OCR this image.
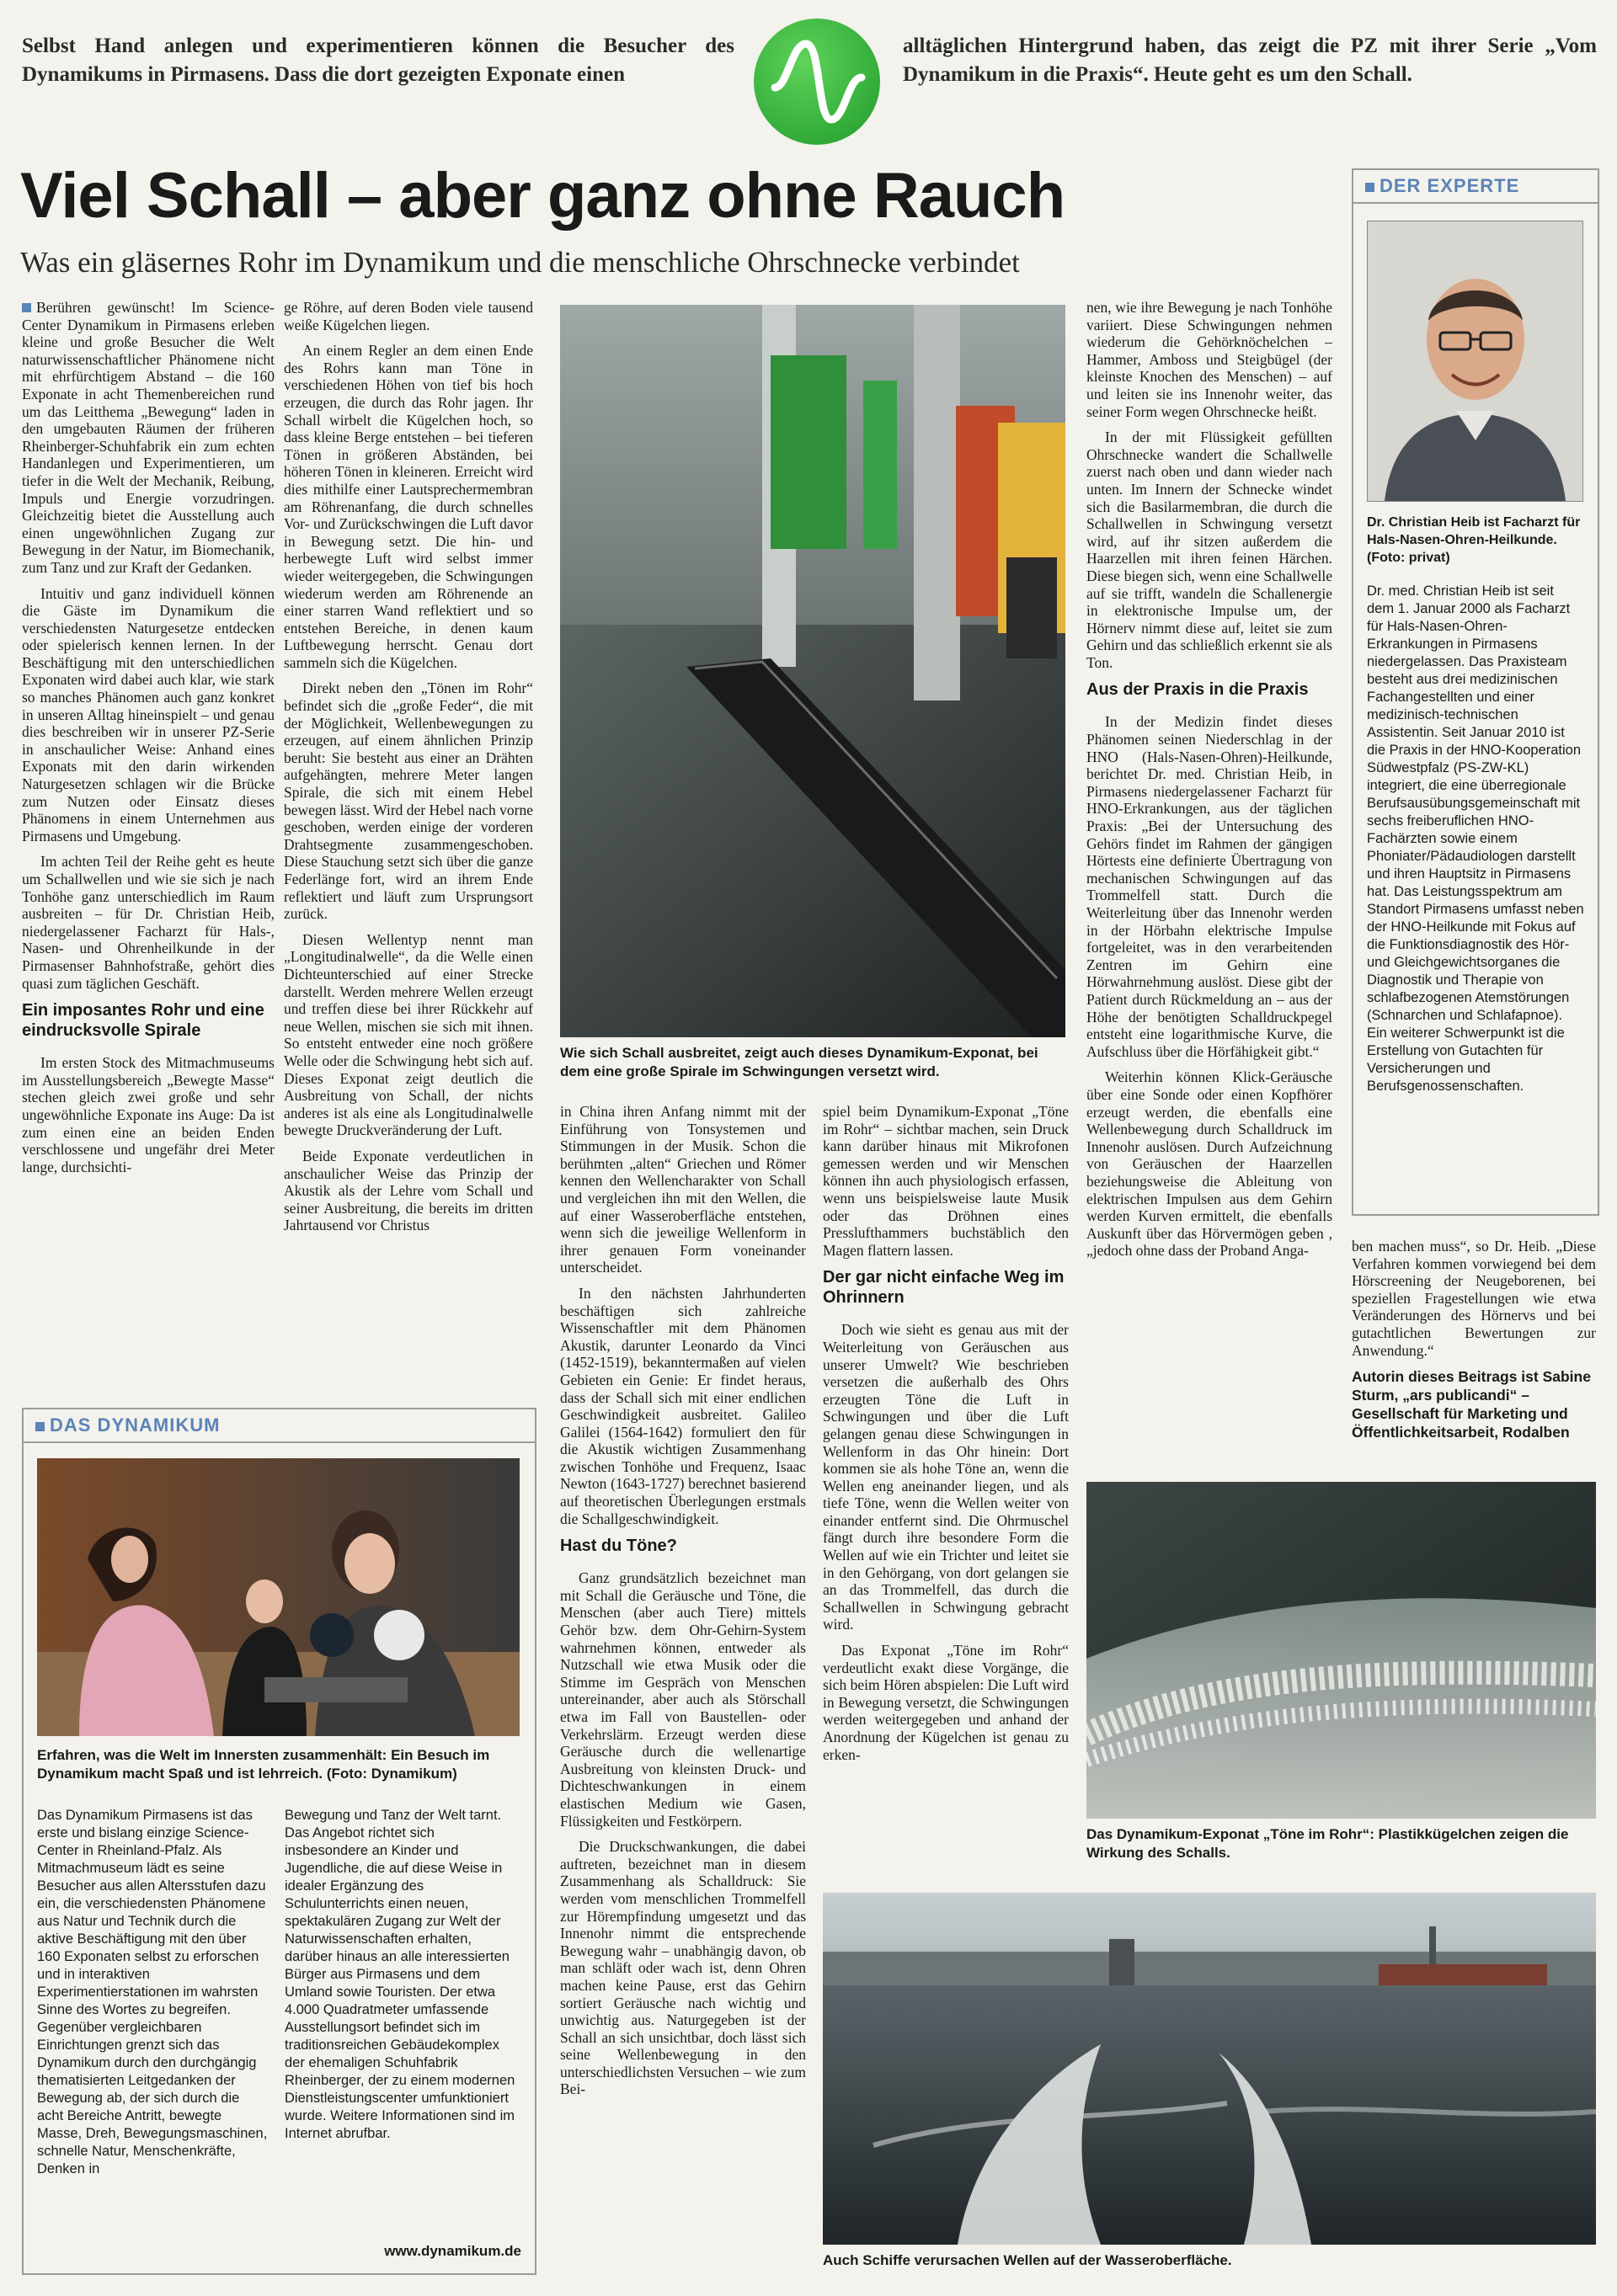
Selbst Hand anlegen und experimentieren können die Besucher des Dynamikums in Pirmasens. Dass die dort gezeigten Exponate einen
alltäglichen Hintergrund haben, das zeigt die PZ mit ihrer Serie „Vom Dynamikum in die Praxis“. Heute geht es um den Schall.
Viel Schall – aber ganz ohne Rauch
Was ein gläsernes Rohr im Dynamikum und die menschliche Ohrschnecke verbindet

Berühren gewünscht! Im Science-Center Dynamikum in Pirmasens erleben kleine und große Besucher die Welt naturwissenschaftlicher Phänomene nicht mit ehrfürchtigem Abstand – die 160 Exponate in acht Themenbereichen rund um das Leitthema „Bewegung“ laden in den umgebauten Räumen der früheren Rheinberger-Schuhfabrik ein zum echten Handanlegen und Experimentieren, um tiefer in die Welt der Mechanik, Reibung, Impuls und Energie vorzudringen. Gleichzeitig bietet die Ausstellung auch einen ungewöhnlichen Zugang zur Bewegung in der Natur, im Biomechanik, zum Tanz und zur Kraft der Gedanken.

Intuitiv und ganz individuell können die Gäste im Dynamikum die verschiedensten Naturgesetze entdecken oder spielerisch kennen lernen. In der Beschäftigung mit den unterschiedlichen Exponaten wird dabei auch klar, wie stark so manches Phänomen auch ganz konkret in unseren Alltag hineinspielt – und genau dies beschreiben wir in unserer PZ-Serie in anschaulicher Weise: Anhand eines Exponats mit den darin wirkenden Naturgesetzen schlagen wir die Brücke zum Nutzen oder Einsatz dieses Phänomens in einem Unternehmen aus Pirmasens und Umgebung.

Im achten Teil der Reihe geht es heute um Schallwellen und wie sie sich je nach Tonhöhe ganz unterschiedlich im Raum ausbreiten – für Dr. Christian Heib, niedergelassener Facharzt für Hals-, Nasen- und Ohrenheilkunde in der Pirmasenser Bahnhofstraße, gehört dies quasi zum täglichen Geschäft.

Ein imposantes Rohr und eine eindrucksvolle Spirale

Im ersten Stock des Mitmachmuseums im Ausstellungsbereich „Bewegte Masse“ stechen gleich zwei große und sehr ungewöhnliche Exponate ins Auge: Da ist zum einen eine an beiden Enden verschlossene und ungefähr drei Meter lange, durchsichti-

ge Röhre, auf deren Boden viele tausend weiße Kügelchen liegen.

An einem Regler an dem einen Ende des Rohrs kann man Töne in verschiedenen Höhen von tief bis hoch erzeugen, die durch das Rohr jagen. Ihr Schall wirbelt die Kügelchen hoch, so dass kleine Berge entstehen – bei tieferen Tönen in größeren Abständen, bei höheren Tönen in kleineren. Erreicht wird dies mithilfe einer Lautsprechermembran am Röhrenanfang, die durch schnelles Vor- und Zurückschwingen die Luft davor in Bewegung setzt. Die hin- und herbewegte Luft wird selbst immer wieder weitergegeben, die Schwingungen wiederum werden am Röhrenende an einer starren Wand reflektiert und so entstehen Bereiche, in denen kaum Luftbewegung herrscht. Genau dort sammeln sich die Kügelchen.

Direkt neben den „Tönen im Rohr“ befindet sich die „große Feder“, die mit der Möglichkeit, Wellenbewegungen zu erzeugen, auf einem ähnlichen Prinzip beruht: Sie besteht aus einer an Drähten aufgehängten, mehrere Meter langen Spirale, die sich mit einem Hebel bewegen lässt. Wird der Hebel nach vorne geschoben, werden einige der vorderen Drahtsegmente zusammengeschoben. Diese Stauchung setzt sich über die ganze Federlänge fort, wird an ihrem Ende reflektiert und läuft zum Ursprungsort zurück.

Diesen Wellentyp nennt man „Longitudinalwelle“, da die Welle einen Dichteunterschied auf einer Strecke darstellt. Werden mehrere Wellen erzeugt und treffen diese bei ihrer Rückkehr auf neue Wellen, mischen sie sich mit ihnen. So entsteht entweder eine noch größere Welle oder die Schwingung hebt sich auf. Dieses Exponat zeigt deutlich die Ausbreitung von Schall, der nichts anderes ist als eine als Longitudinalwelle bewegte Druckveränderung der Luft.

Beide Exponate verdeutlichen in anschaulicher Weise das Prinzip der Akustik als der Lehre vom Schall und seiner Ausbreitung, die bereits im dritten Jahrtausend vor Christus

Wie sich Schall ausbreitet, zeigt auch dieses Dynamikum-Exponat, bei dem eine große Spirale im Schwingungen versetzt wird.

in China ihren Anfang nimmt mit der Einführung von Tonsystemen und Stimmungen in der Musik. Schon die berühmten „alten“ Griechen und Römer kennen den Wellencharakter von Schall und vergleichen ihn mit den Wellen, die auf einer Wasseroberfläche entstehen, wenn sich die jeweilige Wellenform in ihrer genauen Form voneinander unterscheidet.

In den nächsten Jahrhunderten beschäftigen sich zahlreiche Wissenschaftler mit dem Phänomen Akustik, darunter Leonardo da Vinci (1452-1519), bekanntermaßen auf vielen Gebieten ein Genie: Er findet heraus, dass der Schall sich mit einer endlichen Geschwindigkeit ausbreitet. Galileo Galilei (1564-1642) formuliert den für die Akustik wichtigen Zusammenhang zwischen Tonhöhe und Frequenz, Isaac Newton (1643-1727) berechnet basierend auf theoretischen Überlegungen erstmals die Schallgeschwindigkeit.

Hast du Töne?

Ganz grundsätzlich bezeichnet man mit Schall die Geräusche und Töne, die Menschen (aber auch Tiere) mittels Gehör bzw. dem Ohr-Gehirn-System wahrnehmen können, entweder als Nutzschall wie etwa Musik oder die Stimme im Gespräch von Menschen untereinander, aber auch als Störschall etwa im Fall von Baustellen- oder Verkehrslärm. Erzeugt werden diese Geräusche durch die wellenartige Ausbreitung von kleinsten Druck- und Dichteschwankungen in einem elastischen Medium wie Gasen, Flüssigkeiten und Festkörpern.

Die Druckschwankungen, die dabei auftreten, bezeichnet man in diesem Zusammenhang als Schalldruck: Sie werden vom menschlichen Trommelfell zur Hörempfindung umgesetzt und das Innenohr nimmt die entsprechende Bewegung wahr – unabhängig davon, ob man schläft oder wach ist, denn Ohren machen keine Pause, erst das Gehirn sortiert Geräusche nach wichtig und unwichtig aus. Naturgegeben ist der Schall an sich unsichtbar, doch lässt sich seine Wellenbewegung in den unterschiedlichsten Versuchen – wie zum Bei-

spiel beim Dynamikum-Exponat „Töne im Rohr“ – sichtbar machen, sein Druck kann darüber hinaus mit Mikrofonen gemessen werden und wir Menschen können ihn auch physiologisch erfassen, wenn uns beispielsweise laute Musik oder das Dröhnen eines Presslufthammers buchstäblich den Magen flattern lassen.

Der gar nicht einfache Weg im Ohrinnern

Doch wie sieht es genau aus mit der Weiterleitung von Geräuschen aus unserer Umwelt? Wie beschrieben versetzen die außerhalb des Ohrs erzeugten Töne die Luft in Schwingungen und über die Luft gelangen genau diese Schwingungen in Wellenform in das Ohr hinein: Dort kommen sie als hohe Töne an, wenn die Wellen eng aneinander liegen, und als tiefe Töne, wenn die Wellen weiter von einander entfernt sind. Die Ohrmuschel fängt durch ihre besondere Form die Wellen auf wie ein Trichter und leitet sie in den Gehörgang, von dort gelangen sie an das Trommelfell, das durch die Schallwellen in Schwingung gebracht wird.

Das Exponat „Töne im Rohr“ verdeutlicht exakt diese Vorgänge, die sich beim Hören abspielen: Die Luft wird in Bewegung versetzt, die Schwingungen werden weitergegeben und anhand der Anordnung der Kügelchen ist genau zu erken-

nen, wie ihre Bewegung je nach Tonhöhe variiert. Diese Schwingungen nehmen wiederum die Gehörknöchelchen – Hammer, Amboss und Steigbügel (der kleinste Knochen des Menschen) – auf und leiten sie ins Innenohr weiter, das seiner Form wegen Ohrschnecke heißt.

In der mit Flüssigkeit gefüllten Ohrschnecke wandert die Schallwelle zuerst nach oben und dann wieder nach unten. Im Innern der Schnecke windet sich die Basilarmembran, die durch die Schallwellen in Schwingung versetzt wird, auf ihr sitzen außerdem die Haarzellen mit ihren feinen Härchen. Diese biegen sich, wenn eine Schallwelle auf sie trifft, wandeln die Schallenergie in elektronische Impulse um, der Hörnerv nimmt diese auf, leitet sie zum Gehirn und das schließlich erkennt sie als Ton.

Aus der Praxis in die Praxis

In der Medizin findet dieses Phänomen seinen Niederschlag in der HNO (Hals-Nasen-Ohren)-Heilkunde, berichtet Dr. med. Christian Heib, in Pirmasens niedergelassener Facharzt für HNO-Erkrankungen, aus der täglichen Praxis: „Bei der Untersuchung des Gehörs findet im Rahmen der gängigen Hörtests eine definierte Übertragung von mechanischen Schwingungen auf das Trommelfell statt. Durch die Weiterleitung über das Innenohr werden in der Hörbahn elektrische Impulse fortgeleitet, was in den verarbeitenden Zentren im Gehirn eine Hörwahrnehmung auslöst. Diese gibt der Patient durch Rückmeldung an – aus der Höhe der benötigten Schalldruckpegel entsteht eine logarithmische Kurve, die Aufschluss über die Hörfähigkeit gibt.“

Weiterhin können Klick-Geräusche über eine Sonde oder einen Kopfhörer erzeugt werden, die ebenfalls eine Wellenbewegung durch Schalldruck im Innenohr auslösen. Durch Aufzeichnung von Geräuschen der Haarzellen beziehungsweise die Ableitung von elektrischen Impulsen aus dem Gehirn werden Kurven ermittelt, die ebenfalls Auskunft über das Hörvermögen geben , „jedoch ohne dass der Proband Anga-

DER EXPERTE
Dr. Christian Heib ist Facharzt für Hals-Nasen-Ohren-Heilkunde. (Foto: privat)
Dr. med. Christian Heib ist seit dem 1. Januar 2000 als Facharzt für Hals-Nasen-Ohren-Erkrankungen in Pirmasens niedergelassen. Das Praxisteam besteht aus drei medizinischen Fachangestellten und einer medizinisch-technischen Assistentin. Seit Januar 2010 ist die Praxis in der HNO-Kooperation Südwestpfalz (PS-ZW-KL) integriert, die eine überregionale Berufsausübungsgemeinschaft mit sechs freiberuflichen HNO-Fachärzten sowie einem Phoniater/Pädaudiologen darstellt und ihren Hauptsitz in Pirmasens hat. Das Leistungsspektrum am Standort Pirmasens umfasst neben der HNO-Heilkunde mit Fokus auf die Funktionsdiagnostik des Hör- und Gleichgewichtsorganes die Diagnostik und Therapie von schlafbezogenen Atemstörungen (Schnarchen und Schlafapnoe). Ein weiterer Schwerpunkt ist die Erstellung von Gutachten für Versicherungen und Berufsgenossenschaften.

ben machen muss“, so Dr. Heib. „Diese Verfahren kommen vorwiegend bei dem Hörscreening der Neugeborenen, bei speziellen Fragestellungen wie etwa Veränderungen des Hörnervs und bei gutachtlichen Bewertungen zur Anwendung.“

Autorin dieses Beitrags ist Sabine Sturm, „ars publicandi“ – Gesellschaft für Marketing und Öffentlichkeitsarbeit, Rodalben

Das Dynamikum-Exponat „Töne im Rohr“: Plastikkügelchen zeigen die Wirkung des Schalls.
Auch Schiffe verursachen Wellen auf der Wasseroberfläche.
DAS DYNAMIKUM
Erfahren, was die Welt im Innersten zusammenhält: Ein Besuch im Dynamikum macht Spaß und ist lehrreich. (Foto: Dynamikum)
Das Dynamikum Pirmasens ist das erste und bislang einzige Science-Center in Rheinland-Pfalz. Als Mitmachmuseum lädt es seine Besucher aus allen Altersstufen dazu ein, die verschiedensten Phänomene aus Natur und Technik durch die aktive Beschäftigung mit den über 160 Exponaten selbst zu erforschen und in interaktiven Experimentierstationen im wahrsten Sinne des Wortes zu begreifen. Gegenüber vergleichbaren Einrichtungen grenzt sich das Dynamikum durch den durchgängig thematisierten Leitgedanken der Bewegung ab, der sich durch die acht Bereiche Antritt, bewegte Masse, Dreh, Bewegungsmaschinen, schnelle Natur, Menschenkräfte, Denken in
Bewegung und Tanz der Welt tarnt. Das Angebot richtet sich insbesondere an Kinder und Jugendliche, die auf diese Weise in idealer Ergänzung des Schulunterrichts einen neuen, spektakulären Zugang zur Welt der Naturwissenschaften erhalten, darüber hinaus an alle interessierten Bürger aus Pirmasens und dem Umland sowie Touristen. Der etwa 4.000 Quadratmeter umfassende Ausstellungsort befindet sich im traditionsreichen Gebäudekomplex der ehemaligen Schuhfabrik Rheinberger, der zu einem modernen Dienstleistungscenter umfunktioniert wurde. Weitere Informationen sind im Internet abrufbar.
www.dynamikum.de
